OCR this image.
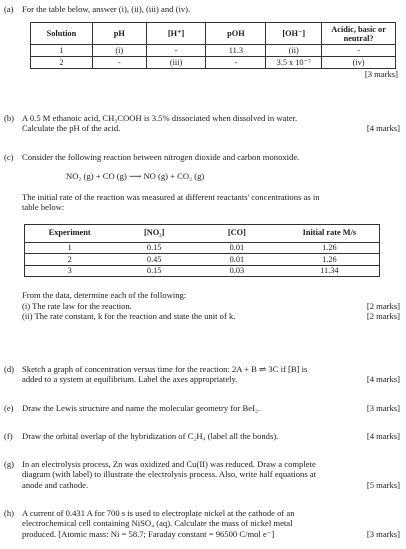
(a) For the table below, answer (i), (ii), (iii) and (iv).
Solution	pH	[H⁺]	pOH	[OH⁻]	Acidic, basic or neutral?
1	(i)	-	11.3	(ii)	-
2	-	(iii)	-	3.5 x 10⁻⁷	(iv)
[3 marks]
(b) A 0.5 M ethanoic acid, CH₃COOH is 3.5% dissociated when dissolved in water.
Calculate the pH of the acid.	[4 marks]
(c) Consider the following reaction between nitrogen dioxide and carbon monoxide.
NO₂ (g) + CO (g) ⟶ NO (g) + CO₂ (g)
The initial rate of the reaction was measured at different reactants' concentrations as in
table below:
Experiment	[NO₂]	[CO]	Initial rate M/s
1	0.15	0.01	1.26
2	0.45	0.01	1.26
3	0.15	0.03	11.34
From the data, determine each of the following:
(i) The rate law for the reaction.	[2 marks]
(ii) The rate constant, k for the reaction and state the unit of k.	[2 marks]
(d) Sketch a graph of concentration versus time for the reaction: 2A + B ⇌ 3C if [B] is
added to a system at equilibrium. Label the axes appropriately.	[4 marks]
(e) Draw the Lewis structure and name the molecular geometry for BeI₂.	[3 marks]
(f)	Draw the orbital overlap of the hybridization of C₂H₄ (label all the bonds).	[4 marks]
(g) In an electrolysis process, Zn was oxidized and Cu(II) was reduced. Draw a complete
diagram (with label) to illustrate the electrolysis process. Also, write half equations at
anode and cathode.	[5 marks]
(h) A current of 0.431 A for 700 s is used to electroplate nickel at the cathode of an
electrochemical cell containing NiSO₄ (aq). Calculate the mass of nickel metal
produced. [Atomic mass: Ni = 58.7; Faraday constant = 96500 C/mol e⁻]	[3 marks]
